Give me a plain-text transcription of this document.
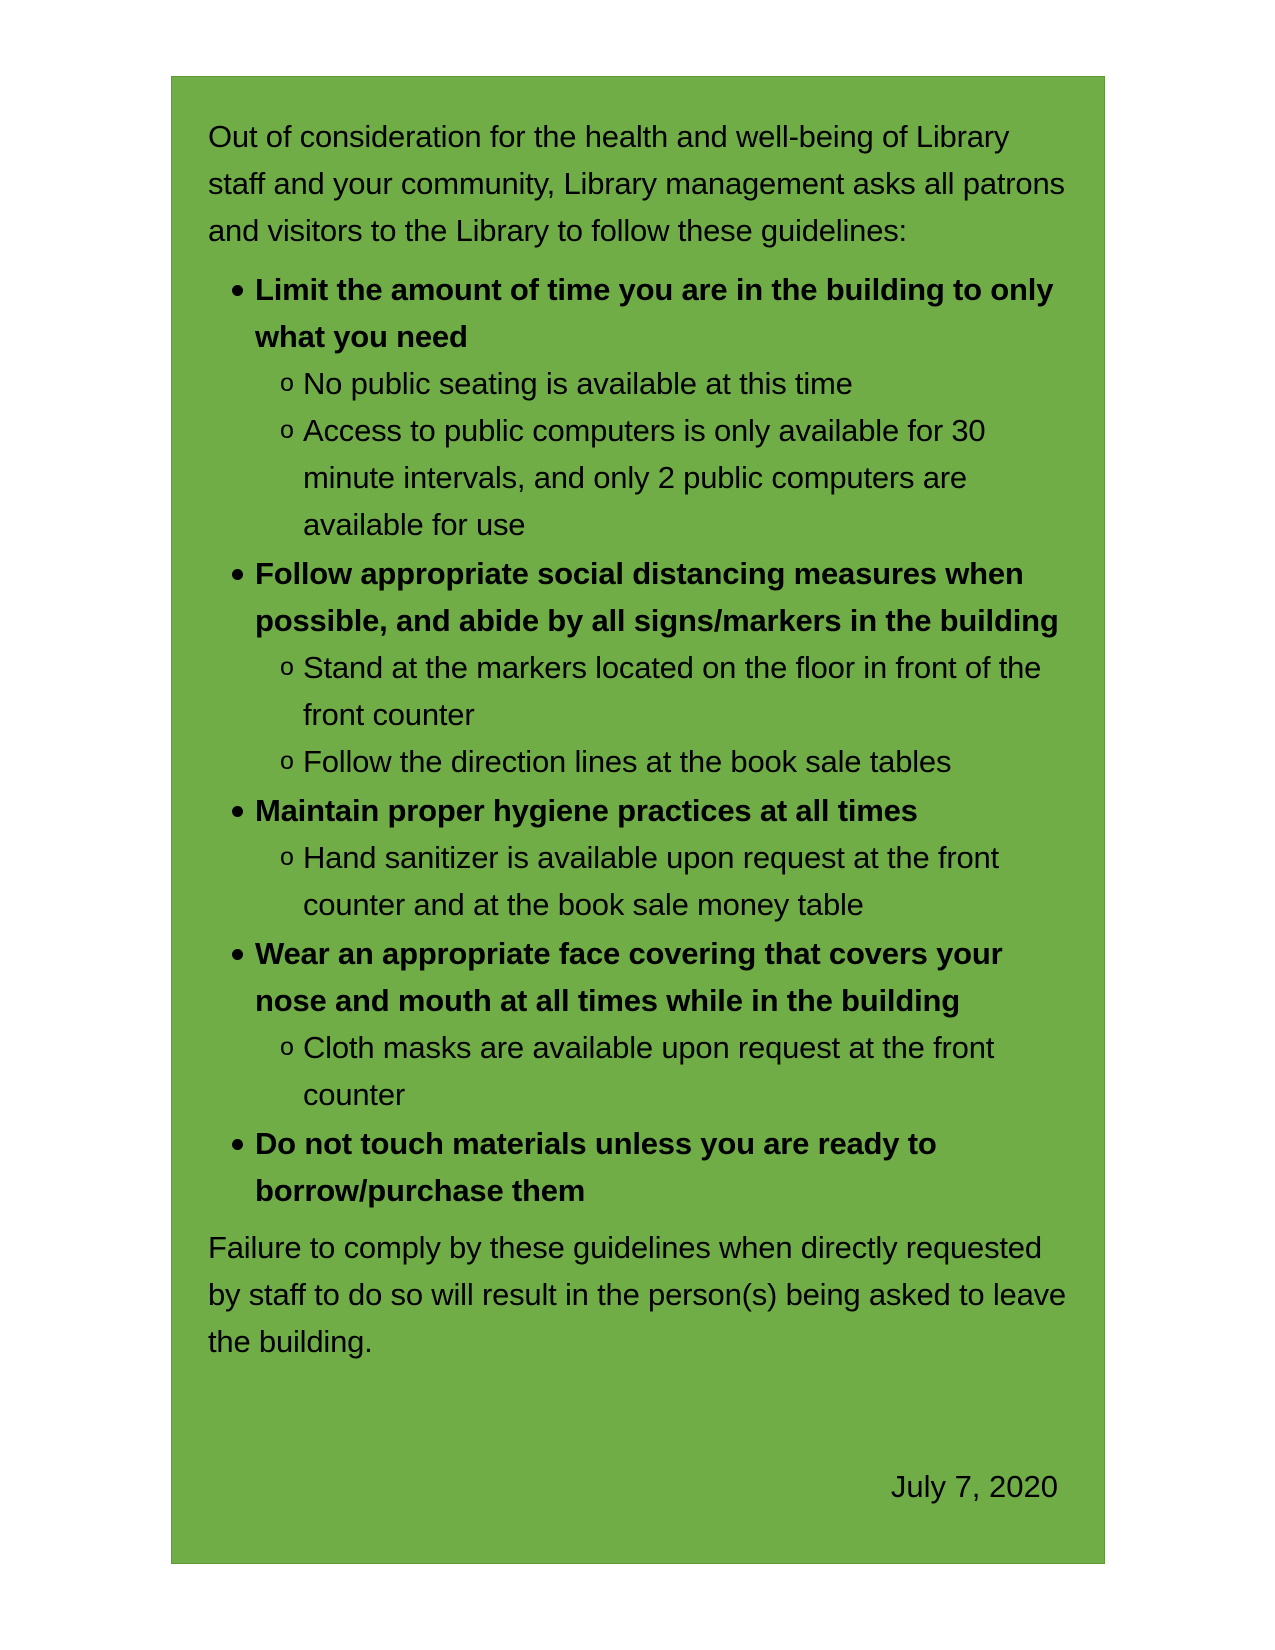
Out of consideration for the health and well-being of Library staff and your community, Library management asks all patrons and visitors to the Library to follow these guidelines:

Limit the amount of time you are in the building to only what you need
o No public seating is available at this time
o Access to public computers is only available for 30 minute intervals, and only 2 public computers are available for use
Follow appropriate social distancing measures when possible, and abide by all signs/markers in the building
o Stand at the markers located on the floor in front of the front counter
o Follow the direction lines at the book sale tables
Maintain proper hygiene practices at all times
o Hand sanitizer is available upon request at the front counter and at the book sale money table
Wear an appropriate face covering that covers your nose and mouth at all times while in the building
o Cloth masks are available upon request at the front counter
Do not touch materials unless you are ready to borrow/purchase them

Failure to comply by these guidelines when directly requested by staff to do so will result in the person(s) being asked to leave the building.

July 7, 2020
